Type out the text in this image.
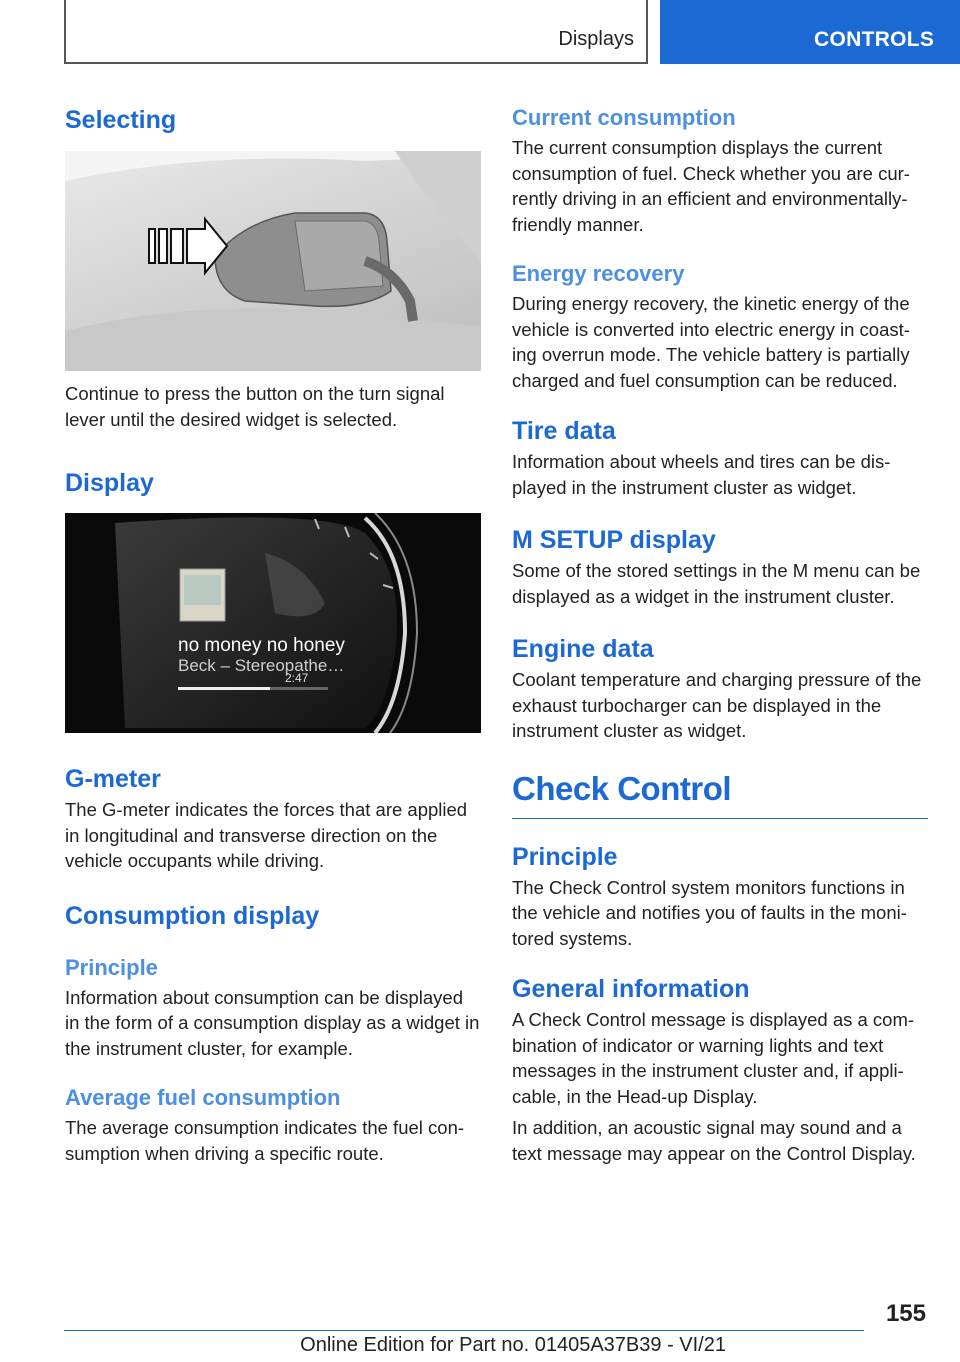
Displays	CONTROLS
Selecting

Continue to press the button on the turn signal lever until the desired widget is selected.

Display
no money no honey
Beck – Stereopathe…
2:47
G-meter

The G-meter indicates the forces that are applied in longitudinal and transverse direction on the vehicle occupants while driving.

Consumption display
Principle

Information about consumption can be displayed in the form of a consumption display as a widget in the instrument cluster, for example.

Average fuel consumption

The average consumption indicates the fuel consumption when driving a specific route.

Current consumption

The current consumption displays the current consumption of fuel. Check whether you are currently driving in an efficient and environmentally-friendly manner.

Energy recovery

During energy recovery, the kinetic energy of the vehicle is converted into electric energy in coasting overrun mode. The vehicle battery is partially charged and fuel consumption can be reduced.

Tire data

Information about wheels and tires can be displayed in the instrument cluster as widget.

M SETUP display

Some of the stored settings in the M menu can be displayed as a widget in the instrument cluster.

Engine data

Coolant temperature and charging pressure of the exhaust turbocharger can be displayed in the instrument cluster as widget.

Check Control
Principle

The Check Control system monitors functions in the vehicle and notifies you of faults in the monitored systems.

General information

A Check Control message is displayed as a combination of indicator or warning lights and text messages in the instrument cluster and, if applicable, in the Head-up Display.

In addition, an acoustic signal may sound and a text message may appear on the Control Display.

155
Online Edition for Part no. 01405A37B39 - VI/21
